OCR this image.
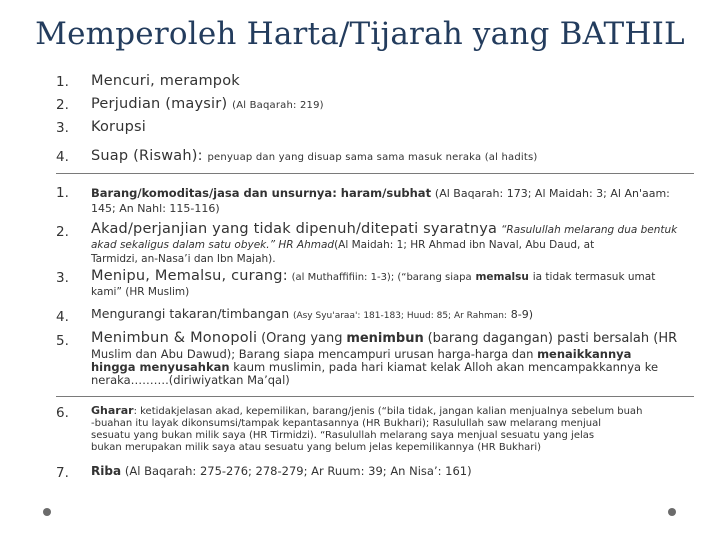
Memperoleh Harta/Tijarah yang BATHIL
1. Mencuri, merampok
2. Perjudian (maysir) (Al Baqarah: 219)
3. Korupsi
4. Suap (Riswah): penyuap dan yang disuap sama sama masuk neraka (al hadits)
1. Barang/komoditas/jasa dan unsurnya: haram/subhat (Al Baqarah: 173; Al Maidah: 3; Al An'aam:
145; An Nahl: 115-116)
2. Akad/perjanjian yang tidak dipenuh/ditepati syaratnya “Rasulullah melarang dua bentuk
akad sekaligus dalam satu obyek.” HR Ahmad(Al Maidah: 1; HR Ahmad ibn Naval, Abu Daud, at
Tarmidzi, an-Nasa’i dan Ibn Majah).
3. Menipu, Memalsu, curang: (al Muthaffifiin: 1-3); (“barang siapa memalsu ia tidak termasuk umat
kami” (HR Muslim)
4. Mengurangi takaran/timbangan (Asy Syu'araa': 181-183; Huud: 85; Ar Rahman: 8-9)
5. Menimbun & Monopoli (Orang yang menimbun (barang dagangan) pasti bersalah (HR
Muslim dan Abu Dawud); Barang siapa mencampuri urusan harga-harga dan menaikkannya
hingga menyusahkan kaum muslimin, pada hari kiamat kelak Alloh akan mencampakkannya ke
neraka……….(diriwiyatkan Ma’qal)
6. Gharar: ketidakjelasan akad, kepemilikan, barang/jenis (“bila tidak, jangan kalian menjualnya sebelum buah
-buahan itu layak dikonsumsi/tampak kepantasannya (HR Bukhari); Rasulullah saw melarang menjual
sesuatu yang bukan milik saya (HR Tirmidzi). “Rasulullah melarang saya menjual sesuatu yang jelas
bukan merupakan milik saya atau sesuatu yang belum jelas kepemilikannya (HR Bukhari)
7. Riba (Al Baqarah: 275-276; 278-279; Ar Ruum: 39; An Nisa’: 161)
